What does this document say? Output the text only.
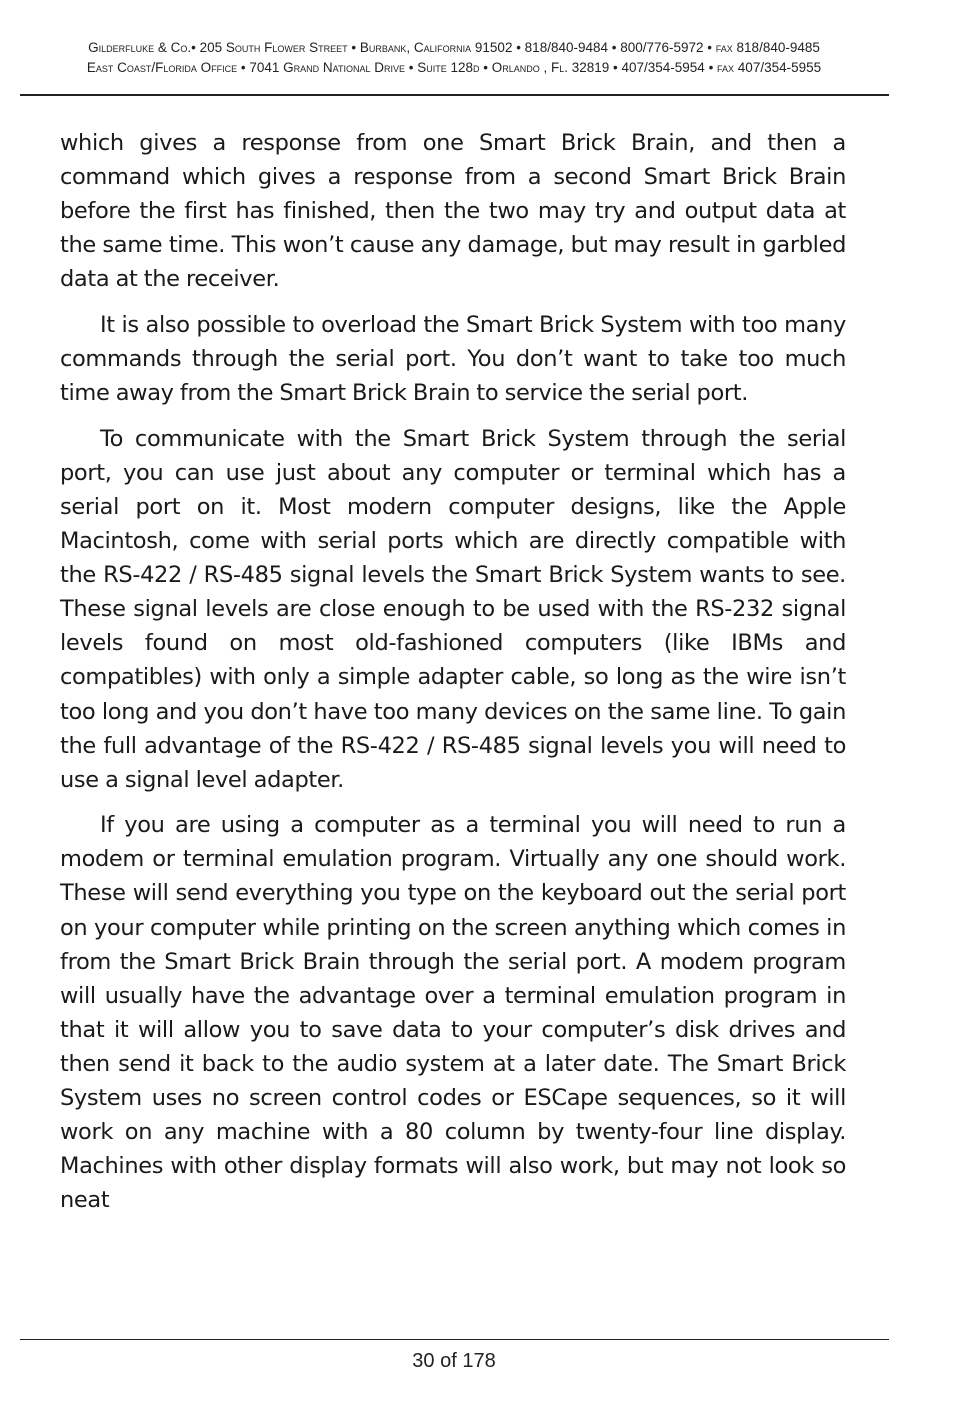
Gilderfluke & Co.• 205 South Flower Street • Burbank, California 91502 • 818/840-9484 • 800/776-5972 • fax 818/840-9485
East Coast/Florida Office • 7041 Grand National Drive • Suite 128d • Orlando , Fl. 32819 • 407/354-5954 • fax 407/354-5955

which gives a response from one Smart Brick Brain, and then a command which gives a response from a second Smart Brick Brain before the first has finished, then the two may try and output data at the same time. This won’t cause any damage, but may result in garbled data at the receiver.

It is also possible to overload the Smart Brick System with too many commands through the serial port. You don’t want to take too much time away from the Smart Brick Brain to service the serial port.

To communicate with the Smart Brick System through the serial port, you can use just about any computer or terminal which has a serial port on it. Most modern computer designs, like the Apple Macintosh, come with serial ports which are directly compatible with the RS-422 / RS-485 signal levels the Smart Brick System wants to see. These signal levels are close enough to be used with the RS-232 signal levels found on most old-fashioned computers (like IBMs and compatibles) with only a simple adapter cable, so long as the wire isn’t too long and you don’t have too many devices on the same line. To gain the full advantage of the RS-422 / RS-485 signal levels you will need to use a signal level adapter.

If you are using a computer as a terminal you will need to run a modem or terminal emulation program. Virtually any one should work. These will send everything you type on the keyboard out the serial port on your computer while printing on the screen anything which comes in from the Smart Brick Brain through the serial port. A modem program will usually have the advantage over a terminal emulation program in that it will allow you to save data to your computer’s disk drives and then send it back to the audio system at a later date. The Smart Brick System uses no screen control codes or ESCape sequences, so it will work on any machine with a 80 column by twenty-four line display. Machines with other display formats will also work, but may not look so neat

30 of 178
